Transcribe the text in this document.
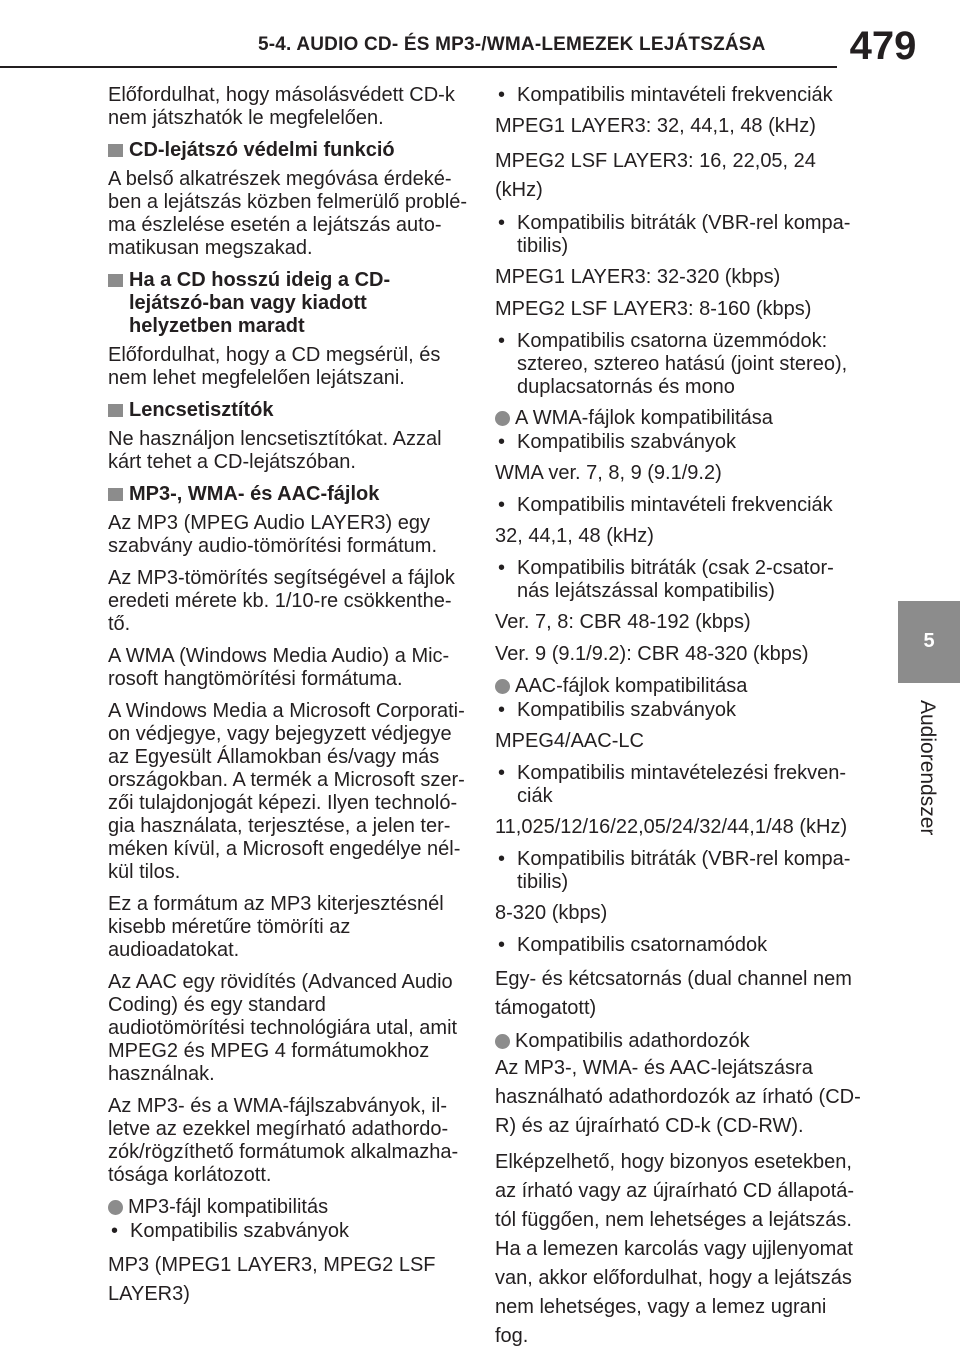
5-4. AUDIO CD- ÉS MP3-/WMA-LEMEZEK LEJÁTSZÁSA 479
5
Audiorendszer
Előfordulhat, hogy másolásvédett CD-k nem játszhatók le megfelelően.
CD-lejátszó védelmi funkció
A belső alkatrészek megóvása érdeké-ben a lejátszás közben felmerülő problé-ma észlelése esetén a lejátszás auto-matikusan megszakad.
Ha a CD hosszú ideig a CD-lejátszó-ban vagy kiadott helyzetben maradt
Előfordulhat, hogy a CD megsérül, és nem lehet megfelelően lejátszani.
Lencsetisztítók
Ne használjon lencsetisztítókat. Azzal kárt tehet a CD-lejátszóban.
MP3-, WMA- és AAC-fájlok
Az MP3 (MPEG Audio LAYER3) egy szabvány audio-tömörítési formátum.
Az MP3-tömörítés segítségével a fájlok eredeti mérete kb. 1/10-re csökkenthe-tő.
A WMA (Windows Media Audio) a Mic-rosoft hangtömörítési formátuma.
A Windows Media a Microsoft Corporati-on védjegye, vagy bejegyzett védjegye az Egyesült Államokban és/vagy más országokban. A termék a Microsoft szer-zői tulajdonjogát képezi. Ilyen technoló-gia használata, terjesztése, a jelen ter-méken kívül, a Microsoft engedélye nél-kül tilos.
Ez a formátum az MP3 kiterjesztésnél kisebb méretűre tömöríti az audioadatokat.
Az AAC egy rövidítés (Advanced Audio Coding) és egy standard audiotömörítési technológiára utal, amit MPEG2 és MPEG 4 formátumokhoz használnak.
Az MP3- és a WMA-fájlszabványok, il-letve az ezekkel megírható adathordo-zók/rögzíthető formátumok alkalmazha-tósága korlátozott.
MP3-fájl kompatibilitás
• Kompatibilis szabványok
MP3 (MPEG1 LAYER3, MPEG2 LSF LAYER3)
• Kompatibilis mintavételi frekvenciák
MPEG1 LAYER3: 32, 44,1, 48 (kHz)
MPEG2 LSF LAYER3: 16, 22,05, 24 (kHz)
• Kompatibilis bitráták (VBR-rel kompa-tibilis)
MPEG1 LAYER3: 32-320 (kbps)
MPEG2 LSF LAYER3: 8-160 (kbps)
• Kompatibilis csatorna üzemmódok: sztereo, sztereo hatású (joint stereo), duplacsatornás és mono
A WMA-fájlok kompatibilitása
• Kompatibilis szabványok
WMA ver. 7, 8, 9 (9.1/9.2)
• Kompatibilis mintavételi frekvenciák
32, 44,1, 48 (kHz)
• Kompatibilis bitráták (csak 2-csator-nás lejátszással kompatibilis)
Ver. 7, 8: CBR 48-192 (kbps)
Ver. 9 (9.1/9.2): CBR 48-320 (kbps)
AAC-fájlok kompatibilitása
• Kompatibilis szabványok
MPEG4/AAC-LC
• Kompatibilis mintavételezési frekven-ciák
11,025/12/16/22,05/24/32/44,1/48 (kHz)
• Kompatibilis bitráták (VBR-rel kompa-tibilis)
8-320 (kbps)
• Kompatibilis csatornamódok
Egy- és kétcsatornás (dual channel nem támogatott)
Kompatibilis adathordozók
Az MP3-, WMA- és AAC-lejátszásra használható adathordozók az írható (CD-R) és az újraírható CD-k (CD-RW).
Elképzelhető, hogy bizonyos esetekben, az írható vagy az újraírható CD állapotá-tól függően, nem lehetséges a lejátszás. Ha a lemezen karcolás vagy ujjlenyomat van, akkor előfordulhat, hogy a lejátszás nem lehetséges, vagy a lemez ugrani fog.
